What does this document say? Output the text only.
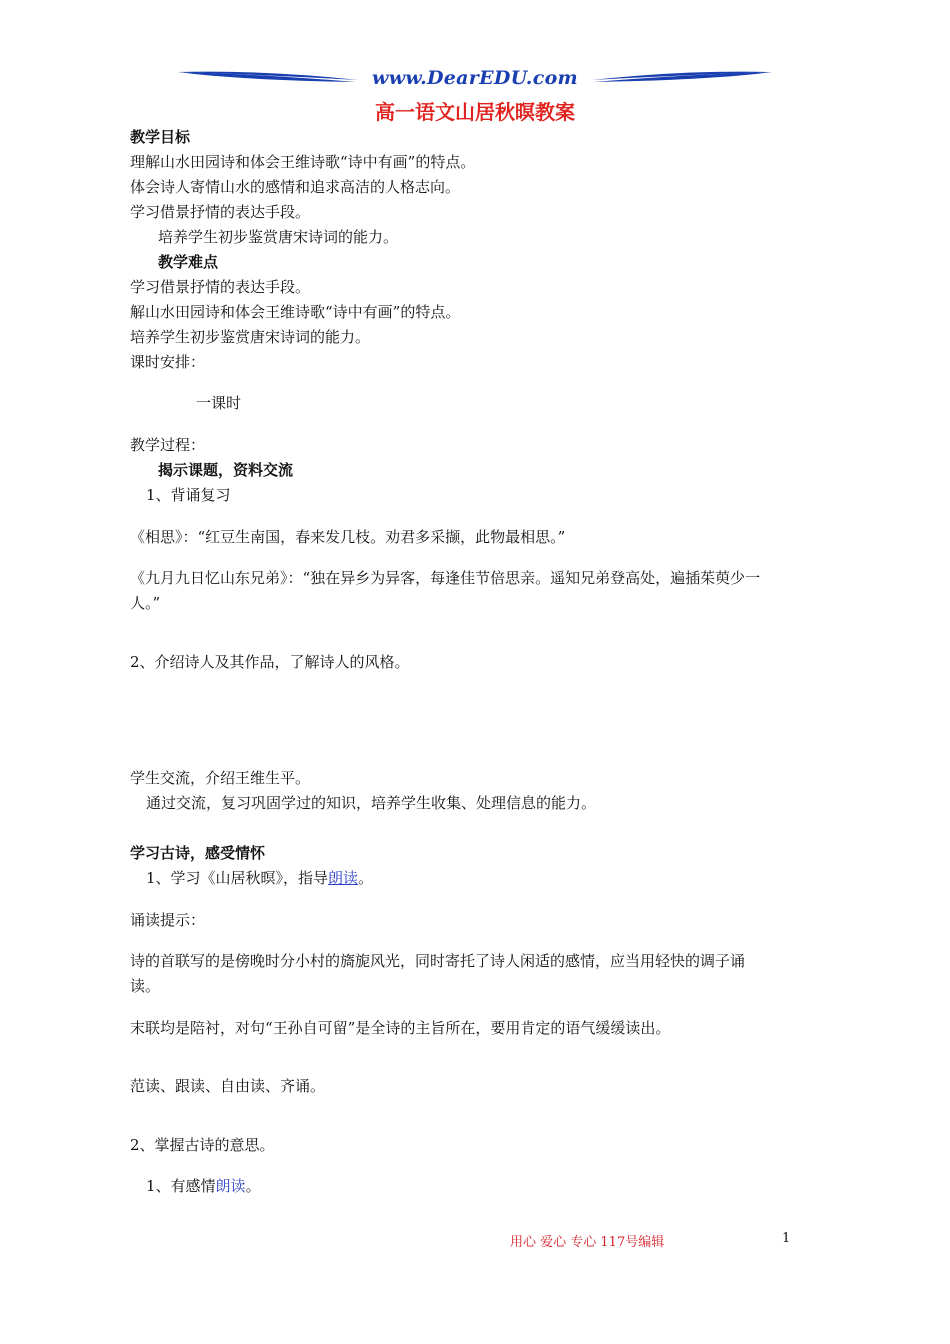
www.DearEDU.com
高一语文山居秋暝教案
教学目标
理解山水田园诗和体会王维诗歌“诗中有画”的特点。
体会诗人寄情山水的感情和追求高洁的人格志向。
学习借景抒情的表达手段。
培养学生初步鉴赏唐宋诗词的能力。
教学难点
学习借景抒情的表达手段。
解山水田园诗和体会王维诗歌“诗中有画”的特点。
培养学生初步鉴赏唐宋诗词的能力。
课时安排：
一课时
教学过程：
揭示课题，资料交流
1、背诵复习
《相思》：“红豆生南国，春来发几枝。劝君多采撷，此物最相思。”
《九月九日忆山东兄弟》：“独在异乡为异客，每逢佳节倍思亲。遥知兄弟登高处，遍插茱萸少一
人。”
2、介绍诗人及其作品，了解诗人的风格。
学生交流，介绍王维生平。
通过交流，复习巩固学过的知识，培养学生收集、处理信息的能力。
学习古诗，感受情怀
1、学习《山居秋暝》，指导朗读。
诵读提示：
诗的首联写的是傍晚时分小村的旖旎风光，同时寄托了诗人闲适的感情，应当用轻快的调子诵
读。
末联均是陪衬，对句“王孙自可留”是全诗的主旨所在，要用肯定的语气缓缓读出。
范读、跟读、自由读、齐诵。
2、掌握古诗的意思。
1、有感情朗读。
用心 爱心 专心 117号编辑	1
